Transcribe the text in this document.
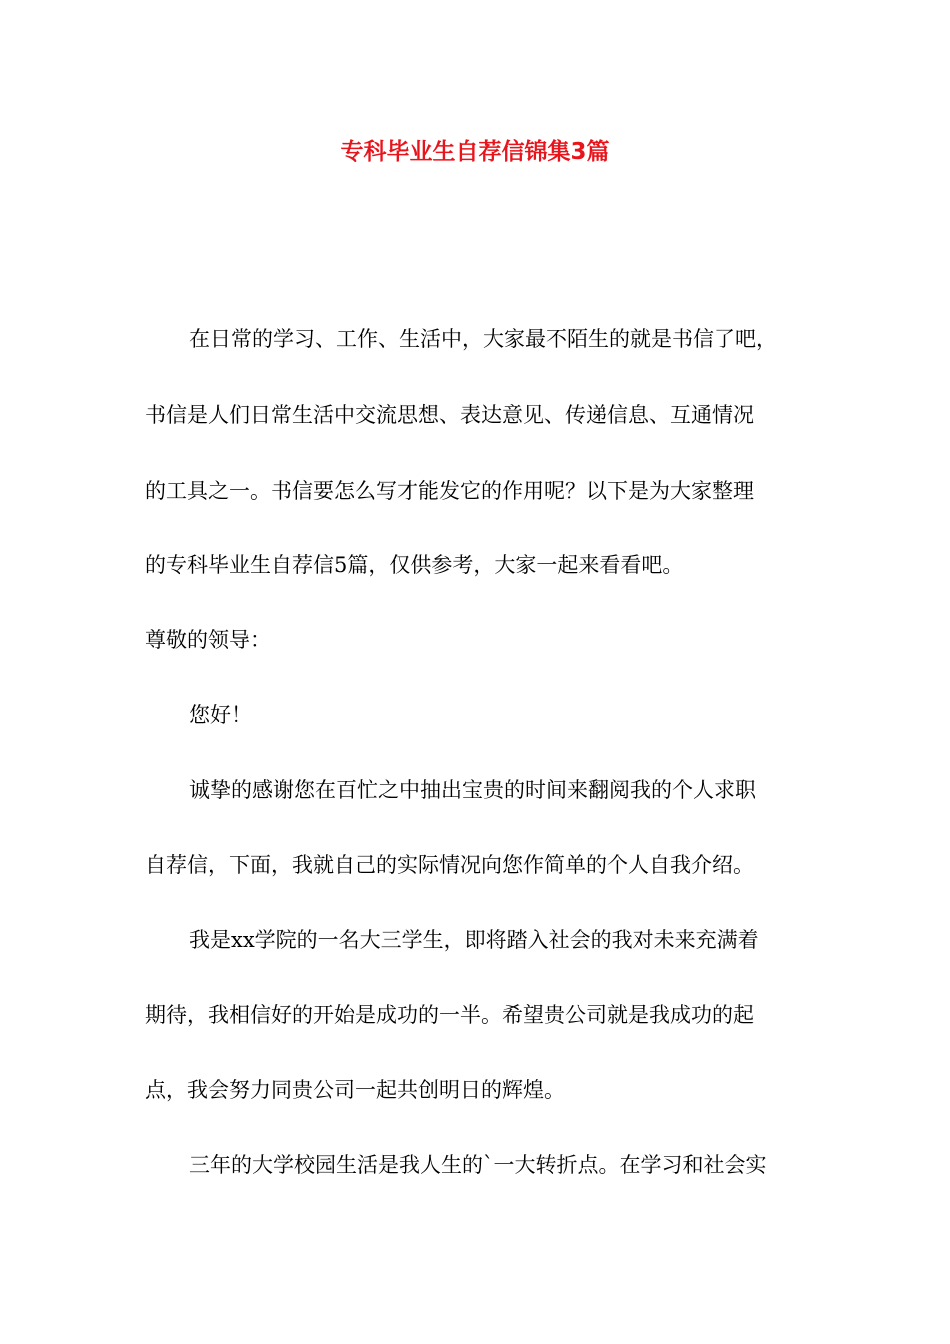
专科毕业生自荐信锦集3篇

在日常的学习、工作、生活中，大家最不陌生的就是书信了吧，

书信是人们日常生活中交流思想、表达意见、传递信息、互通情况

的工具之一。书信要怎么写才能发它的作用呢？以下是为大家整理

的专科毕业生自荐信5篇，仅供参考，大家一起来看看吧。

尊敬的领导：

您好！

诚挚的感谢您在百忙之中抽出宝贵的时间来翻阅我的个人求职

自荐信，下面，我就自己的实际情况向您作简单的个人自我介绍。

我是xx学院的一名大三学生，即将踏入社会的我对未来充满着

期待，我相信好的开始是成功的一半。希望贵公司就是我成功的起

点，我会努力同贵公司一起共创明日的辉煌。

三年的大学校园生活是我人生的`一大转折点。在学习和社会实
